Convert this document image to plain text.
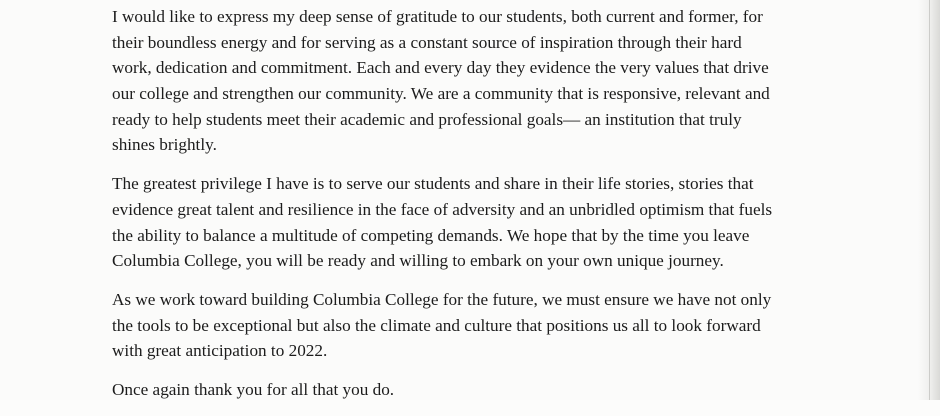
I would like to express my deep sense of gratitude to our students, both current and former, for
their boundless energy and for serving as a constant source of inspiration through their hard
work, dedication and commitment. Each and every day they evidence the very values that drive
our college and strengthen our community. We are a community that is responsive, relevant and
ready to help students meet their academic and professional goals— an institution that truly
shines brightly.

The greatest privilege I have is to serve our students and share in their life stories, stories that
evidence great talent and resilience in the face of adversity and an unbridled optimism that fuels
the ability to balance a multitude of competing demands. We hope that by the time you leave
Columbia College, you will be ready and willing to embark on your own unique journey.

As we work toward building Columbia College for the future, we must ensure we have not only
the tools to be exceptional but also the climate and culture that positions us all to look forward
with great anticipation to 2022.

Once again thank you for all that you do.
